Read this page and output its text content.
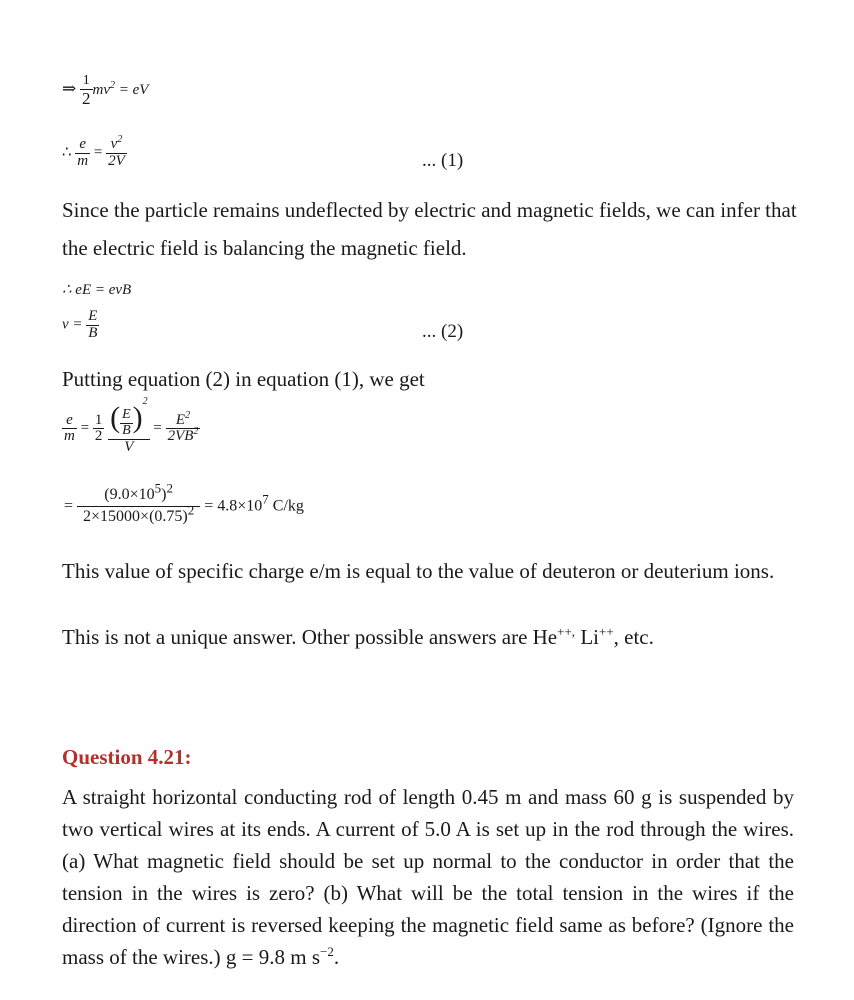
⇒ $\frac{1}{2} mv^2$ = eV
∴ $\frac{e}{m} = \frac{v^2}{2V}$	... (1)
Since the particle remains undeflected by electric and magnetic fields, we can infer that the electric field is balancing the magnetic field.
∴ eE = evB
$v = \frac{E}{B}$	... (2)
Putting equation (2) in equation (1), we get
$\frac{e}{m} = \frac{1}{2}$
$\frac{( \frac{E}{B} )^2}{V} = \frac{E^2}{2VB^2}$
= $\frac{(9.0\times 10^5)^2}{2\times 15000\times(0.75)^2} = 4.8\times 10^7$ C/kg
This value of specific charge e/m is equal to the value of deuteron or deuterium ions.
This is not a unique answer. Other possible answers are He++, Li++, etc.
Question 4.21:
A straight horizontal conducting rod of length 0.45 m and mass 60 g is suspended by two vertical wires at its ends. A current of 5.0 A is set up in the rod through the wires. (a) What magnetic field should be set up normal to the conductor in order that the tension in the wires is zero? (b) What will be the total tension in the wires if the direction of current is reversed keeping the magnetic field same as before? (Ignore the mass of the wires.) g = 9.8 m $s^{-2}$.
